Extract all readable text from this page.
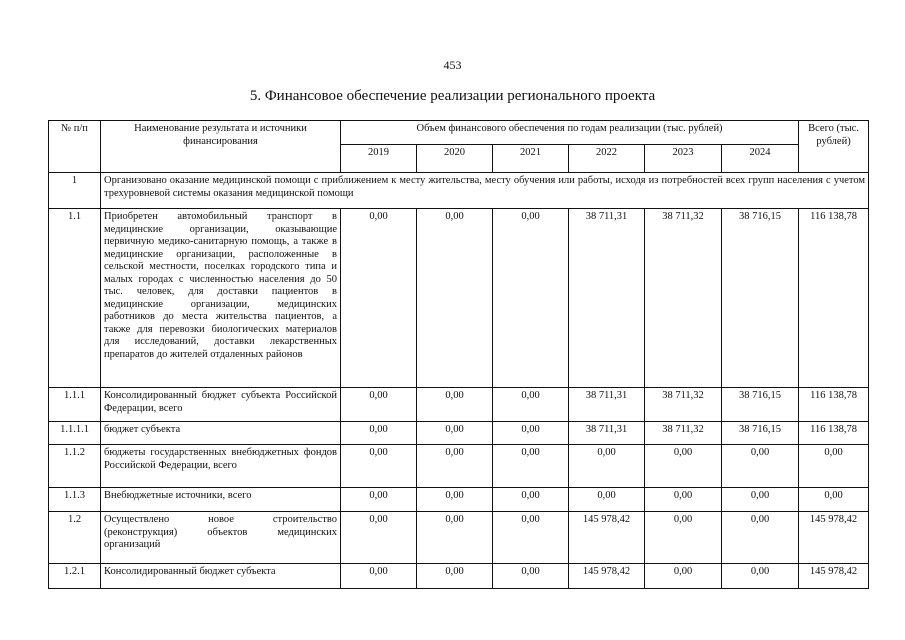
453
5. Финансовое обеспечение реализации регионального проекта
№ п/п	Наименование результата и источники финансирования	Объем финансового обеспечения по годам реализации (тыс. рублей)						Всего (тыс. рублей)
		2019	2020	2021	2022	2023	2024	
1	Организовано оказание медицинской помощи с приближением к месту жительства, месту обучения или работы, исходя из потребностей всех групп населения с учетом трехуровневой системы оказания медицинской помощи							
1.1	Приобретен автомобильный транспорт в медицинские организации, оказывающие первичную медико-санитарную помощь, а также в медицинские организации, расположенные в сельской местности, поселках городского типа и малых городах с численностью населения до 50 тыс. человек, для доставки пациентов в медицинские организации, медицинских работников до места жительства пациентов, а также для перевозки биологических материалов для исследований, доставки лекарственных препаратов до жителей отдаленных районов	0,00	0,00	0,00	38 711,31	38 711,32	38 716,15	116 138,78
1.1.1	Консолидированный бюджет субъекта Российской Федерации, всего	0,00	0,00	0,00	38 711,31	38 711,32	38 716,15	116 138,78
1.1.1.1	бюджет субъекта	0,00	0,00	0,00	38 711,31	38 711,32	38 716,15	116 138,78
1.1.2	бюджеты государственных внебюджетных фондов Российской Федерации, всего	0,00	0,00	0,00	0,00	0,00	0,00	0,00
1.1.3	Внебюджетные источники, всего	0,00	0,00	0,00	0,00	0,00	0,00	0,00
1.2	Осуществлено новое строительство (реконструкция) объектов медицинских организаций	0,00	0,00	0,00	145 978,42	0,00	0,00	145 978,42
1.2.1	Консолидированный бюджет субъекта	0,00	0,00	0,00	145 978,42	0,00	0,00	145 978,42
